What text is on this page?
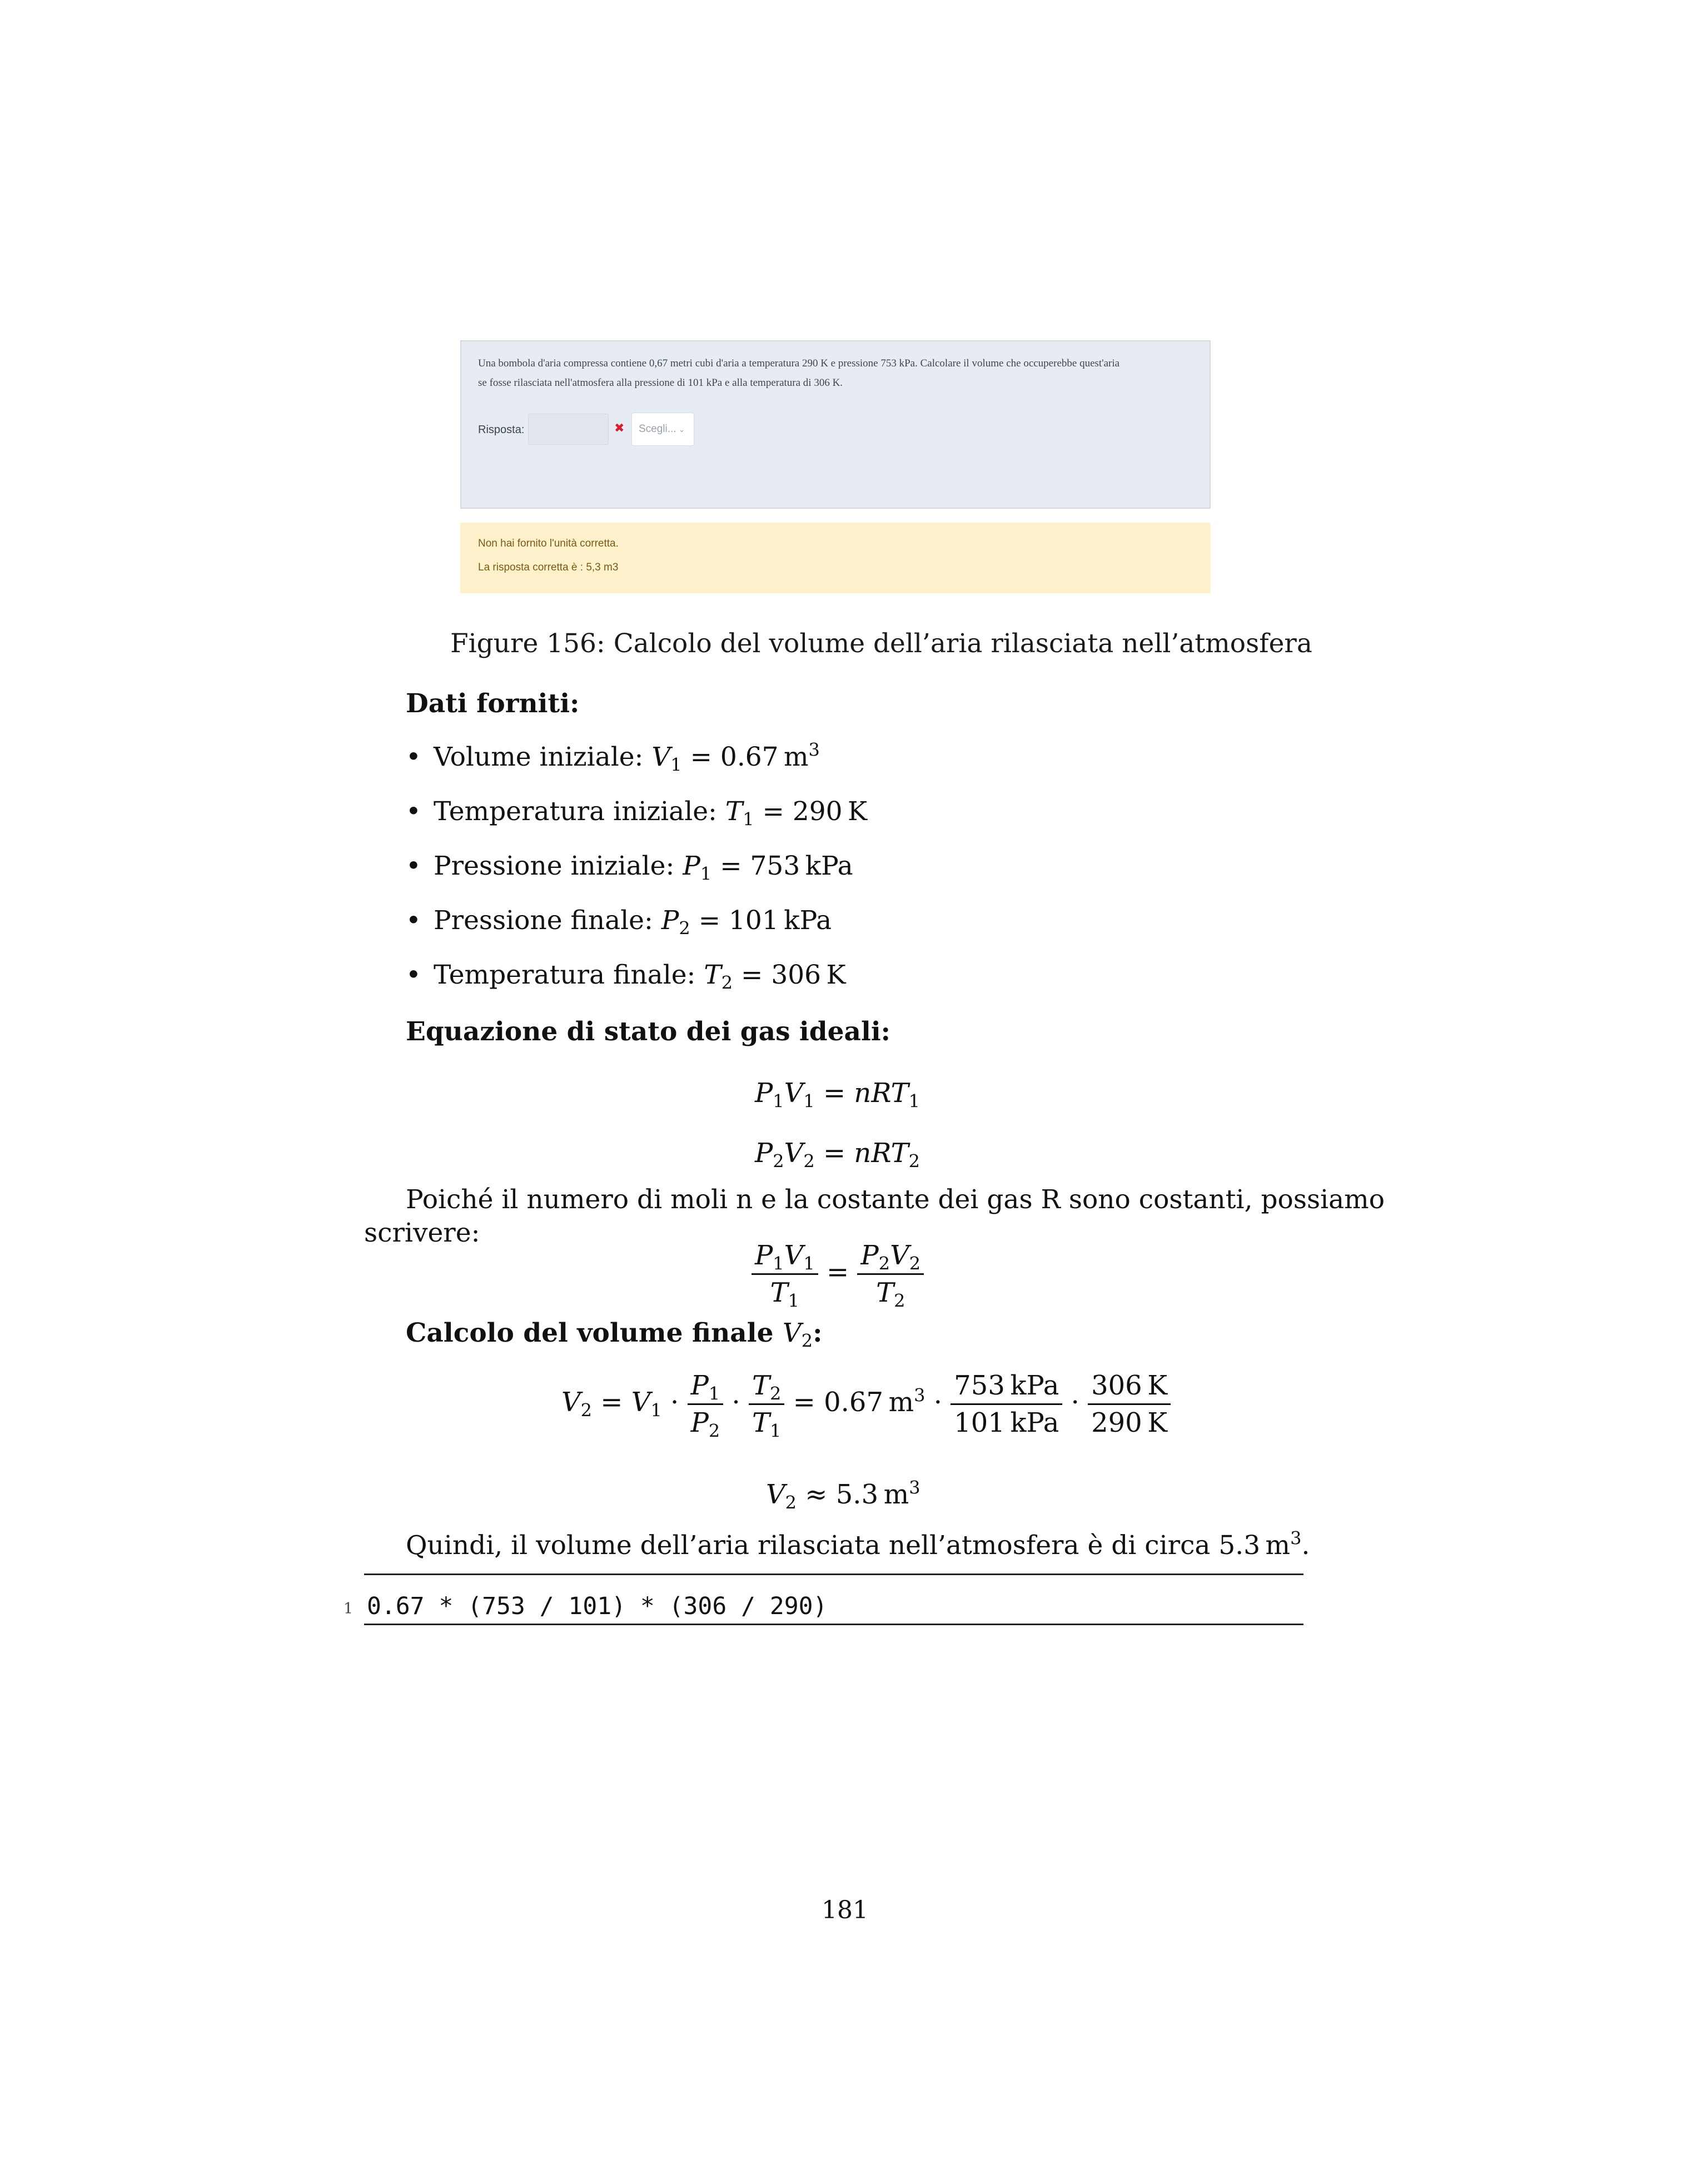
Una bombola d'aria compressa contiene 0,67 metri cubi d'aria a temperatura 290 K e pressione 753 kPa. Calcolare il volume che occuperebbe quest'aria
se fosse rilasciata nell'atmosfera alla pressione di 101 kPa e alla temperatura di 306 K.
Risposta:	✖	Scegli... ⌄
Non hai fornito l'unità corretta.
La risposta corretta è : 5,3 m3
Figure 156: Calcolo del volume dell’aria rilasciata nell’atmosfera
Dati forniti:
• Volume iniziale: $V_1 = 0.67$  $m^3$
• Temperatura iniziale: $T_1 = 290$  K
• Pressione iniziale: $P_1 = 753$  kPa
• Pressione finale: $P_2 = 101$  kPa
• Temperatura finale: $T_2 = 306$  K
Equazione di stato dei gas ideali:
$P_1V_1 = nRT_1$
$P_2V_2 = nRT_2$
Poiché il numero di moli n e la costante dei gas R sono costanti, possiamo
scrivere:
$\frac{P_1V_1}{T_1} = \frac{P_2V_2}{T_2}$
Calcolo del volume finale $V_2$:
$V_2 = V_1 \cdot \frac{P_1}{P_2} \cdot \frac{T_2}{T_1} = 0.67$ $m^3 \cdot \frac{\text{753 kPa}}{\text{101 kPa}} \cdot \frac{306 K}{290 K}$
$V_2 \approx 5.3$ $m^3$
Quindi, il volume dell’aria rilasciata nell’atmosfera è di circa 5.3 $m^3$.
1 0.67 * (753 / 101) * (306 / 290)
181
